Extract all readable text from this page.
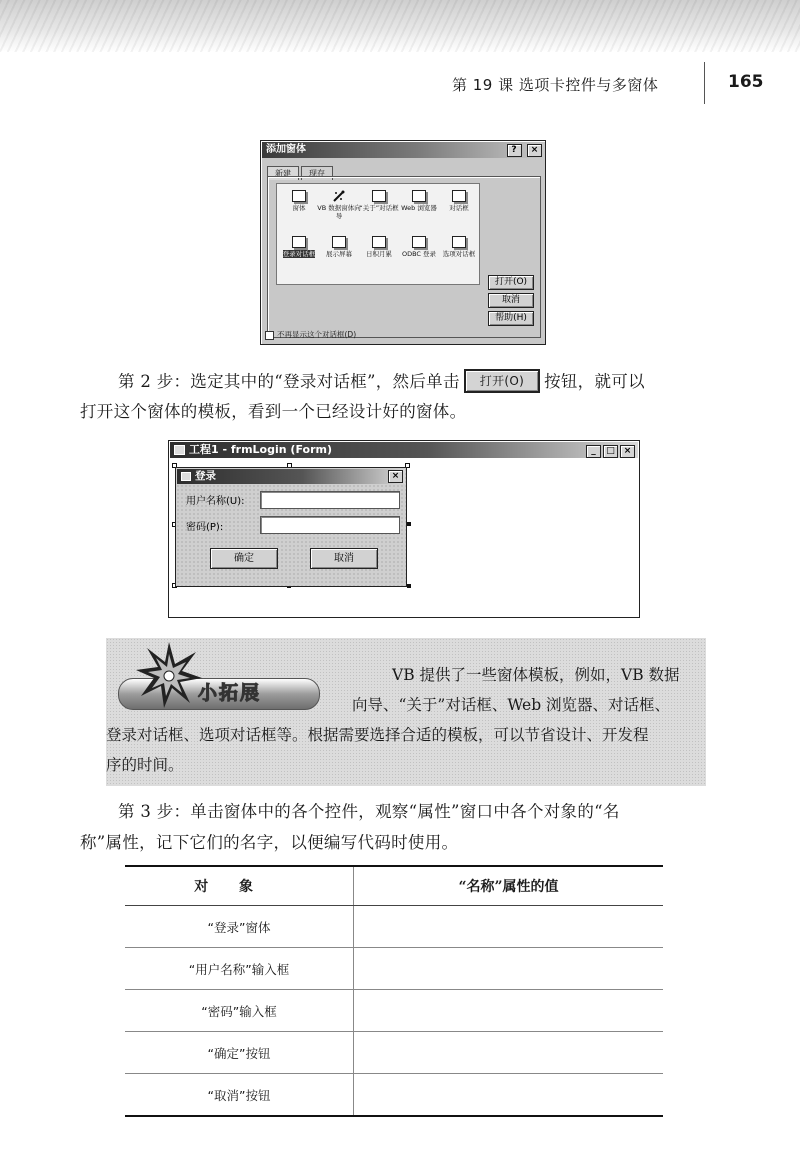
第 19 课 选项卡控件与多窗体	165
添加窗体	? ×
新建 现存
窗体	VB 数据窗体向导
“关于”对话框 Web 浏览器	对话框
登录对话框	展示屏幕	日积月累	ODBC 登录	选项对话框
打开(O)
取消
帮助(H)
不再显示这个对话框(D)
第 2 步：选定其中的“登录对话框”，然后单击 打开(O) 按钮，就可以
打开这个窗体的模板，看到一个已经设计好的窗体。
工程1 - frmLogin (Form)	_ □ ×
登录	×
用户名称(U):
密码(P):
确定	取消
小拓展
VB 提供了一些窗体模板，例如，VB 数据
向导、“关于”对话框、Web 浏览器、对话框、
登录对话框、选项对话框等。根据需要选择合适的模板，可以节省设计、开发程
序的时间。
第 3 步：单击窗体中的各个控件，观察“属性”窗口中各个对象的“名
称”属性，记下它们的名字，以便编写代码时使用。
对象	“名称”属性的值
“登录”窗体	
“用户名称”输入框	
“密码”输入框	
“确定”按钮	
“取消”按钮	
